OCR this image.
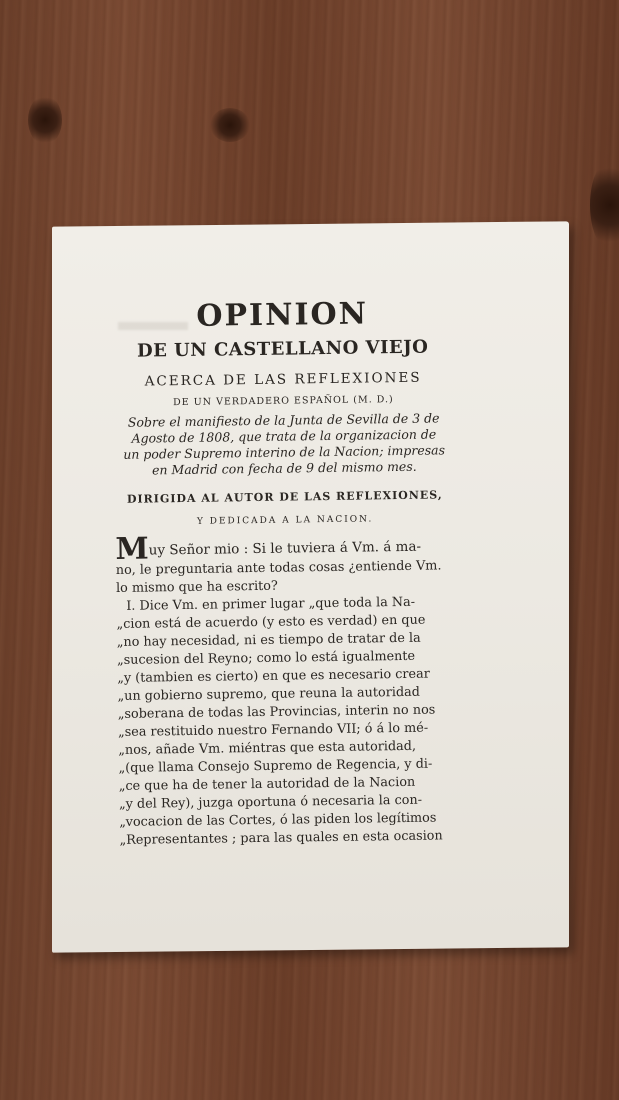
OPINION
DE UN CASTELLANO VIEJO
ACERCA DE LAS REFLEXIONES
DE UN VERDADERO ESPAÑOL (M. D.)
Sobre el manifiesto de la Junta de Sevilla de 3 de
Agosto de 1808, que trata de la organizacion de
un poder Supremo interino de la Nacion; impresas
en Madrid con fecha de 9 del mismo mes.
DIRIGIDA AL AUTOR DE LAS REFLEXIONES,
Y DEDICADA A LA NACION.
Muy Señor mio : Si le tuviera á Vm. á ma-
no, le preguntaria ante todas cosas ¿entiende Vm.
lo mismo que ha escrito?
I. Dice Vm. en primer lugar „que toda la Na-
„cion está de acuerdo (y esto es verdad) en que
„no hay necesidad, ni es tiempo de tratar de la
„sucesion del Reyno; como lo está igualmente
„y (tambien es cierto) en que es necesario crear
„un gobierno supremo, que reuna la autoridad
„soberana de todas las Provincias, interin no nos
„sea restituido nuestro Fernando VII; ó á lo mé-
„nos, añade Vm. miéntras que esta autoridad,
„(que llama Consejo Supremo de Regencia, y di-
„ce que ha de tener la autoridad de la Nacion
„y del Rey), juzga oportuna ó necesaria la con-
„vocacion de las Cortes, ó las piden los legítimos
„Representantes ; para las quales en esta ocasion
